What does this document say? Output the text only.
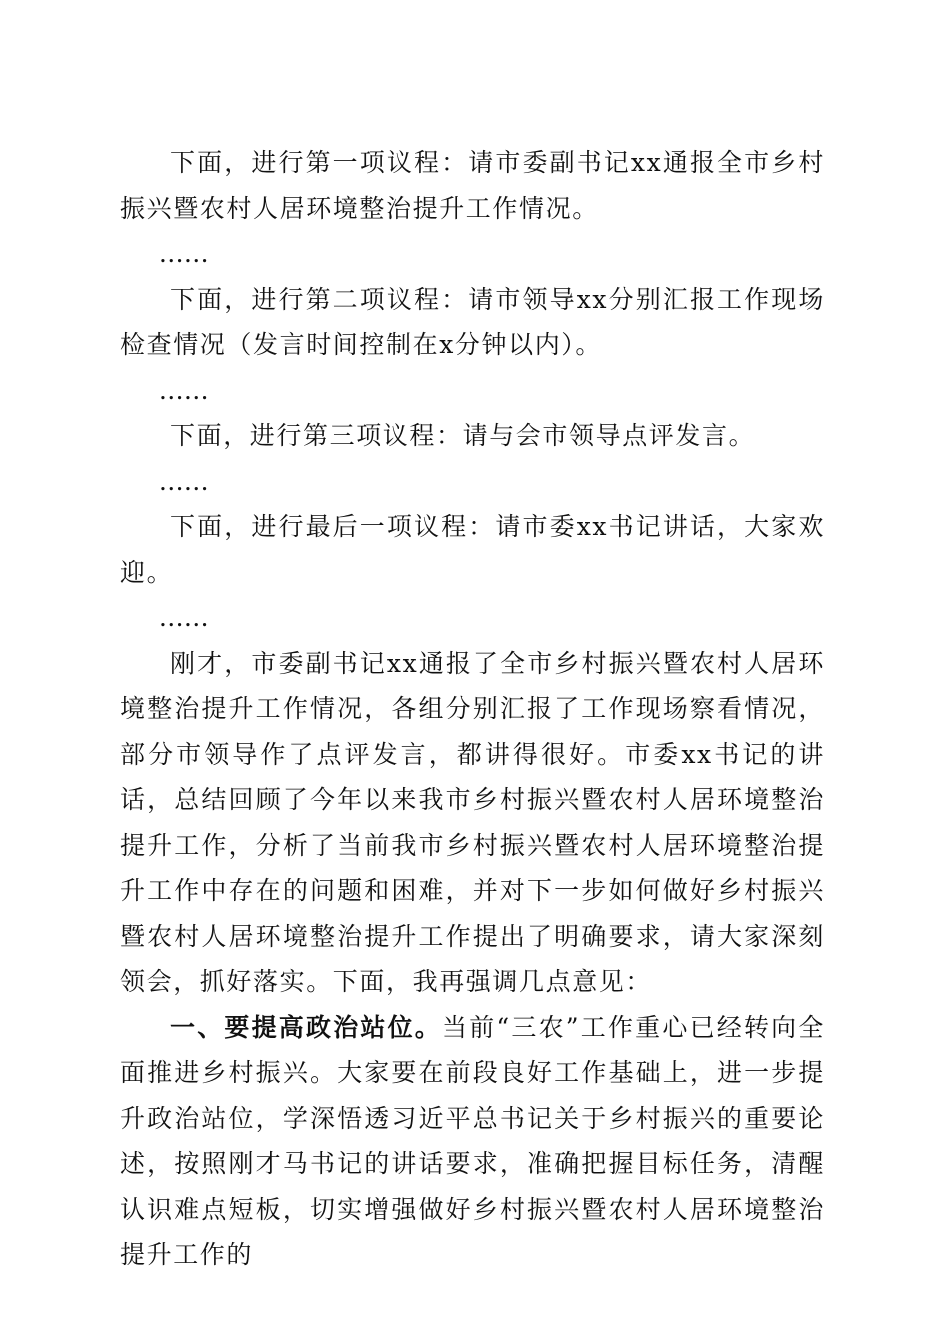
下面，进行第一项议程：请市委副书记xx通报全市乡村振兴暨农村人居环境整治提升工作情况。

……

下面，进行第二项议程：请市领导xx分别汇报工作现场检查情况（发言时间控制在x分钟以内）。

……

下面，进行第三项议程：请与会市领导点评发言。

……

下面，进行最后一项议程：请市委xx书记讲话，大家欢迎。

……

刚才，市委副书记xx通报了全市乡村振兴暨农村人居环境整治提升工作情况，各组分别汇报了工作现场察看情况，部分市领导作了点评发言，都讲得很好。市委xx书记的讲话，总结回顾了今年以来我市乡村振兴暨农村人居环境整治提升工作，分析了当前我市乡村振兴暨农村人居环境整治提升工作中存在的问题和困难，并对下一步如何做好乡村振兴暨农村人居环境整治提升工作提出了明确要求，请大家深刻领会，抓好落实。下面，我再强调几点意见：

一、要提高政治站位。当前“三农”工作重心已经转向全面推进乡村振兴。大家要在前段良好工作基础上，进一步提升政治站位，学深悟透习近平总书记关于乡村振兴的重要论述，按照刚才马书记的讲话要求，准确把握目标任务，清醒认识难点短板，切实增强做好乡村振兴暨农村人居环境整治提升工作的
